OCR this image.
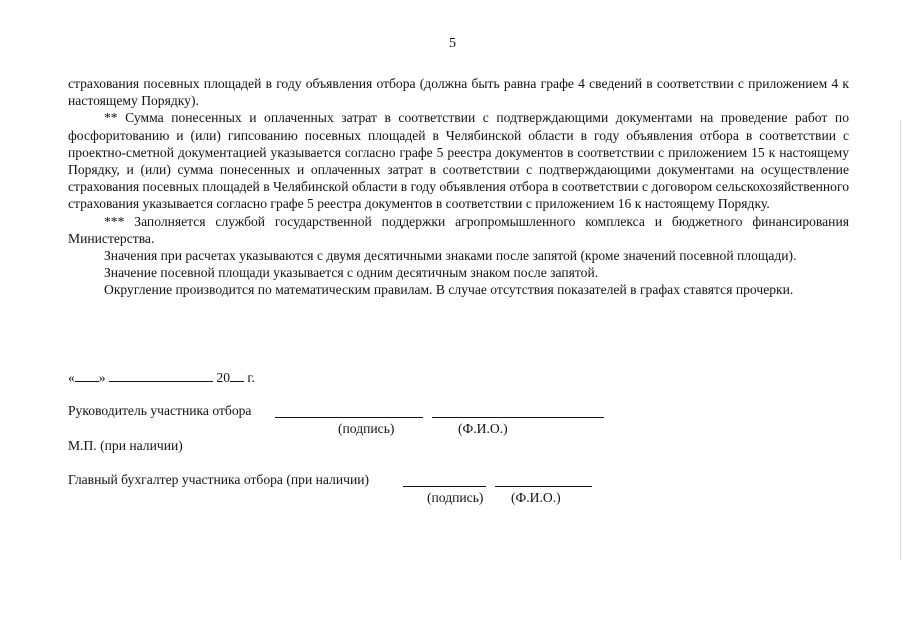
5

страхования посевных площадей в году объявления отбора (должна быть равна графе 4 сведений в соответствии с приложением 4 к настоящему Порядку).

** Сумма понесенных и оплаченных затрат в соответствии с подтверждающими документами на проведение работ по фосфоритованию и (или) гипсованию посевных площадей в Челябинской области в году объявления отбора в соответствии с проектно-сметной документацией указывается согласно графе 5 реестра документов в соответствии с приложением 15 к настоящему Порядку, и (или) сумма понесенных и оплаченных затрат в соответствии с подтверждающими документами на осуществление страхования посевных площадей в Челябинской области в году объявления отбора в соответствии с договором сельскохозяйственного страхования указывается согласно графе 5 реестра документов в соответствии с приложением 16 к настоящему Порядку.

*** Заполняется службой государственной поддержки агропромышленного комплекса и бюджетного финансирования Министерства.

Значения при расчетах указываются с двумя десятичными знаками после запятой (кроме значений посевной площади).

Значение посевной площади указывается с одним десятичным знаком после запятой.

Округление производится по математическим правилам. В случае отсутствия показателей в графах ставятся прочерки.

« »	20 г.
Руководитель участника отбора
(подпись)	(Ф.И.О.)
М.П. (при наличии)
Главный бухгалтер участника отбора (при наличии)
(подпись) (Ф.И.О.)
